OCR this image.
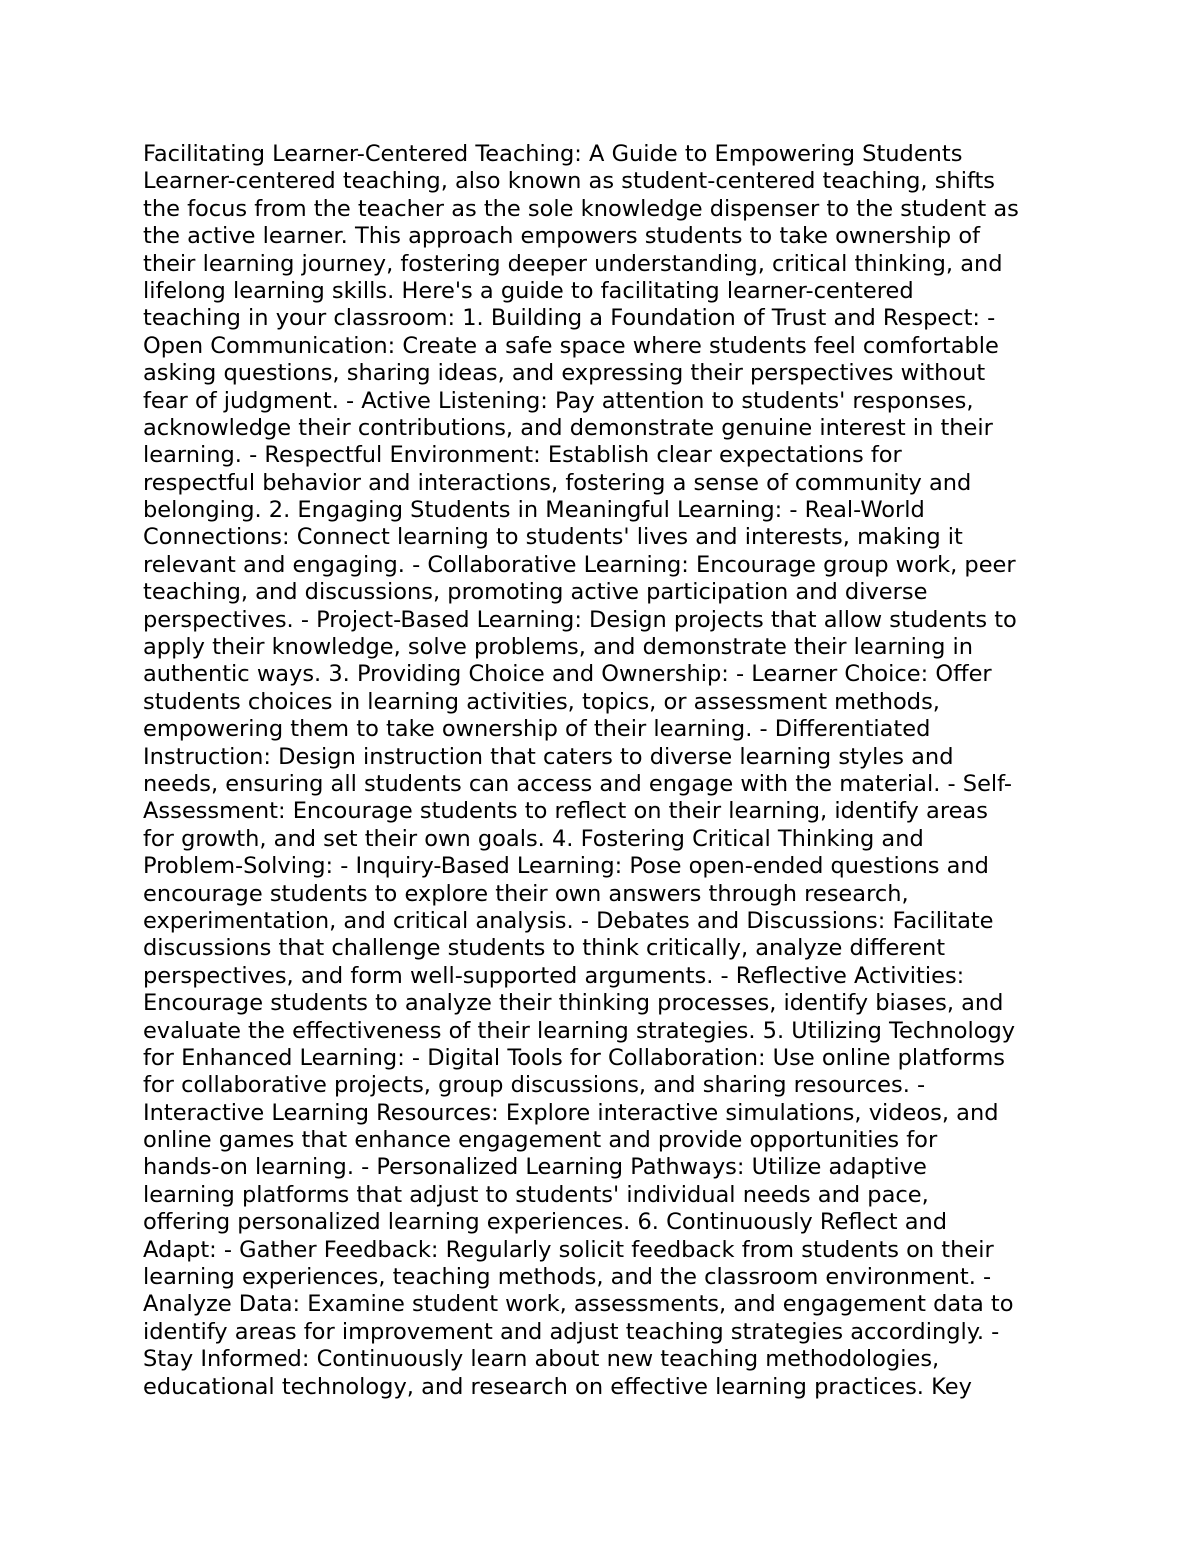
Facilitating Learner-Centered Teaching: A Guide to Empowering Students
Learner-centered teaching, also known as student-centered teaching, shifts
the focus from the teacher as the sole knowledge dispenser to the student as
the active learner. This approach empowers students to take ownership of
their learning journey, fostering deeper understanding, critical thinking, and
lifelong learning skills. Here's a guide to facilitating learner-centered
teaching in your classroom: 1. Building a Foundation of Trust and Respect: -
Open Communication: Create a safe space where students feel comfortable
asking questions, sharing ideas, and expressing their perspectives without
fear of judgment. - Active Listening: Pay attention to students' responses,
acknowledge their contributions, and demonstrate genuine interest in their
learning. - Respectful Environment: Establish clear expectations for
respectful behavior and interactions, fostering a sense of community and
belonging. 2. Engaging Students in Meaningful Learning: - Real-World
Connections: Connect learning to students' lives and interests, making it
relevant and engaging. - Collaborative Learning: Encourage group work, peer
teaching, and discussions, promoting active participation and diverse
perspectives. - Project-Based Learning: Design projects that allow students to
apply their knowledge, solve problems, and demonstrate their learning in
authentic ways. 3. Providing Choice and Ownership: - Learner Choice: Offer
students choices in learning activities, topics, or assessment methods,
empowering them to take ownership of their learning. - Differentiated
Instruction: Design instruction that caters to diverse learning styles and
needs, ensuring all students can access and engage with the material. - Self-
Assessment: Encourage students to reflect on their learning, identify areas
for growth, and set their own goals. 4. Fostering Critical Thinking and
Problem-Solving: - Inquiry-Based Learning: Pose open-ended questions and
encourage students to explore their own answers through research,
experimentation, and critical analysis. - Debates and Discussions: Facilitate
discussions that challenge students to think critically, analyze different
perspectives, and form well-supported arguments. - Reflective Activities:
Encourage students to analyze their thinking processes, identify biases, and
evaluate the effectiveness of their learning strategies. 5. Utilizing Technology
for Enhanced Learning: - Digital Tools for Collaboration: Use online platforms
for collaborative projects, group discussions, and sharing resources. -
Interactive Learning Resources: Explore interactive simulations, videos, and
online games that enhance engagement and provide opportunities for
hands-on learning. - Personalized Learning Pathways: Utilize adaptive
learning platforms that adjust to students' individual needs and pace,
offering personalized learning experiences. 6. Continuously Reflect and
Adapt: - Gather Feedback: Regularly solicit feedback from students on their
learning experiences, teaching methods, and the classroom environment. -
Analyze Data: Examine student work, assessments, and engagement data to
identify areas for improvement and adjust teaching strategies accordingly. -
Stay Informed: Continuously learn about new teaching methodologies,
educational technology, and research on effective learning practices. Key
